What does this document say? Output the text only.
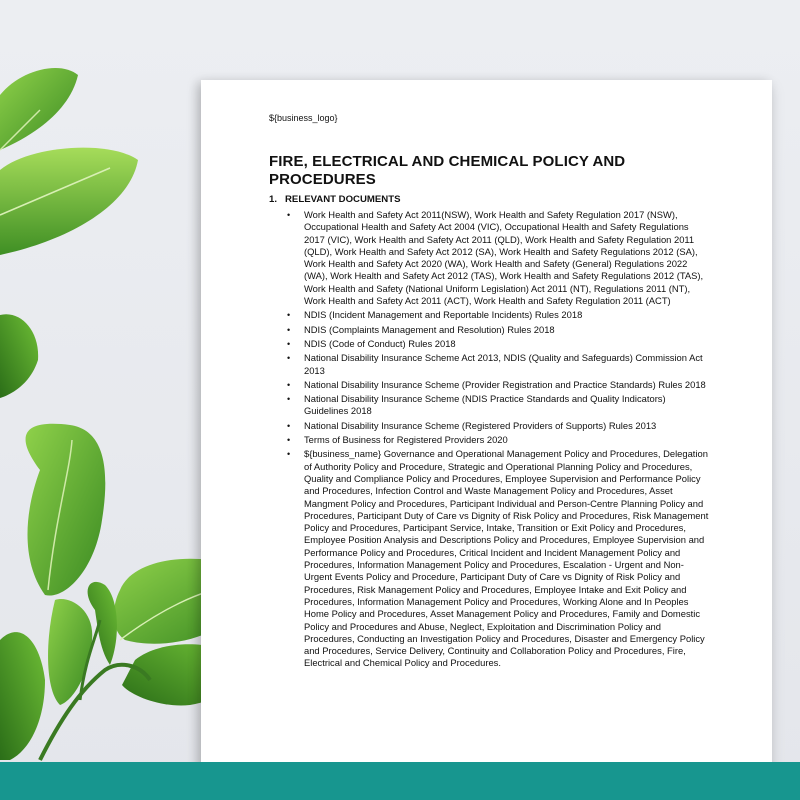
${business_logo}
FIRE, ELECTRICAL AND CHEMICAL POLICY AND PROCEDURES
1. RELEVANT DOCUMENTS
• Work Health and Safety Act 2011(NSW), Work Health and Safety Regulation 2017 (NSW), Occupational Health and Safety Act 2004 (VIC), Occupational Health and Safety Regulations 2017 (VIC), Work Health and Safety Act 2011 (QLD), Work Health and Safety Regulation 2011 (QLD), Work Health and Safety Act 2012 (SA), Work Health and Safety Regulations 2012 (SA), Work Health and Safety Act 2020 (WA), Work Health and Safety (General) Regulations 2022 (WA), Work Health and Safety Act 2012 (TAS), Work Health and Safety Regulations 2012 (TAS), Work Health and Safety (National Uniform Legislation) Act 2011 (NT), Regulations 2011 (NT), Work Health and Safety Act 2011 (ACT), Work Health and Safety Regulation 2011 (ACT)
• NDIS (Incident Management and Reportable Incidents) Rules 2018
• NDIS (Complaints Management and Resolution) Rules 2018
• NDIS (Code of Conduct) Rules 2018
• National Disability Insurance Scheme Act 2013, NDIS (Quality and Safeguards) Commission Act 2013
• National Disability Insurance Scheme (Provider Registration and Practice Standards) Rules 2018
• National Disability Insurance Scheme (NDIS Practice Standards and Quality Indicators) Guidelines 2018
• National Disability Insurance Scheme (Registered Providers of Supports) Rules 2013
• Terms of Business for Registered Providers 2020
• ${business_name} Governance and Operational Management Policy and Procedures, Delegation of Authority Policy and Procedure, Strategic and Operational Planning Policy and Procedures, Quality and Compliance Policy and Procedures, Employee Supervision and Performance Policy and Procedures, Infection Control and Waste Management Policy and Procedures, Asset Mangment Policy and Procedures, Participant Individual and Person-Centre Planning Policy and Procedures, Participant Duty of Care vs Dignity of Risk Policy and Procedures, Risk Management Policy and Procedures, Participant Service, Intake, Transition or Exit Policy and Procedures, Employee Position Analysis and Descriptions Policy and Procedures, Employee Supervision and Performance Policy and Procedures, Critical Incident and Incident Management Policy and Procedures, Information Management Policy and Procedures, Escalation - Urgent and Non-Urgent Events Policy and Procedure, Participant Duty of Care vs Dignity of Risk Policy and Procedures, Risk Management Policy and Procedures, Employee Intake and Exit Policy and Procedures, Information Management Policy and Procedures, Working Alone and In Peoples Home Policy and Procedures, Asset Management Policy and Procedures, Family and Domestic Policy and Procedures and Abuse, Neglect, Exploitation and Discrimination Policy and Procedures, Conducting an Investigation Policy and Procedures, Disaster and Emergency Policy and Procedures, Service Delivery, Continuity and Collaboration Policy and Procedures, Fire, Electrical and Chemical Policy and Procedures.
